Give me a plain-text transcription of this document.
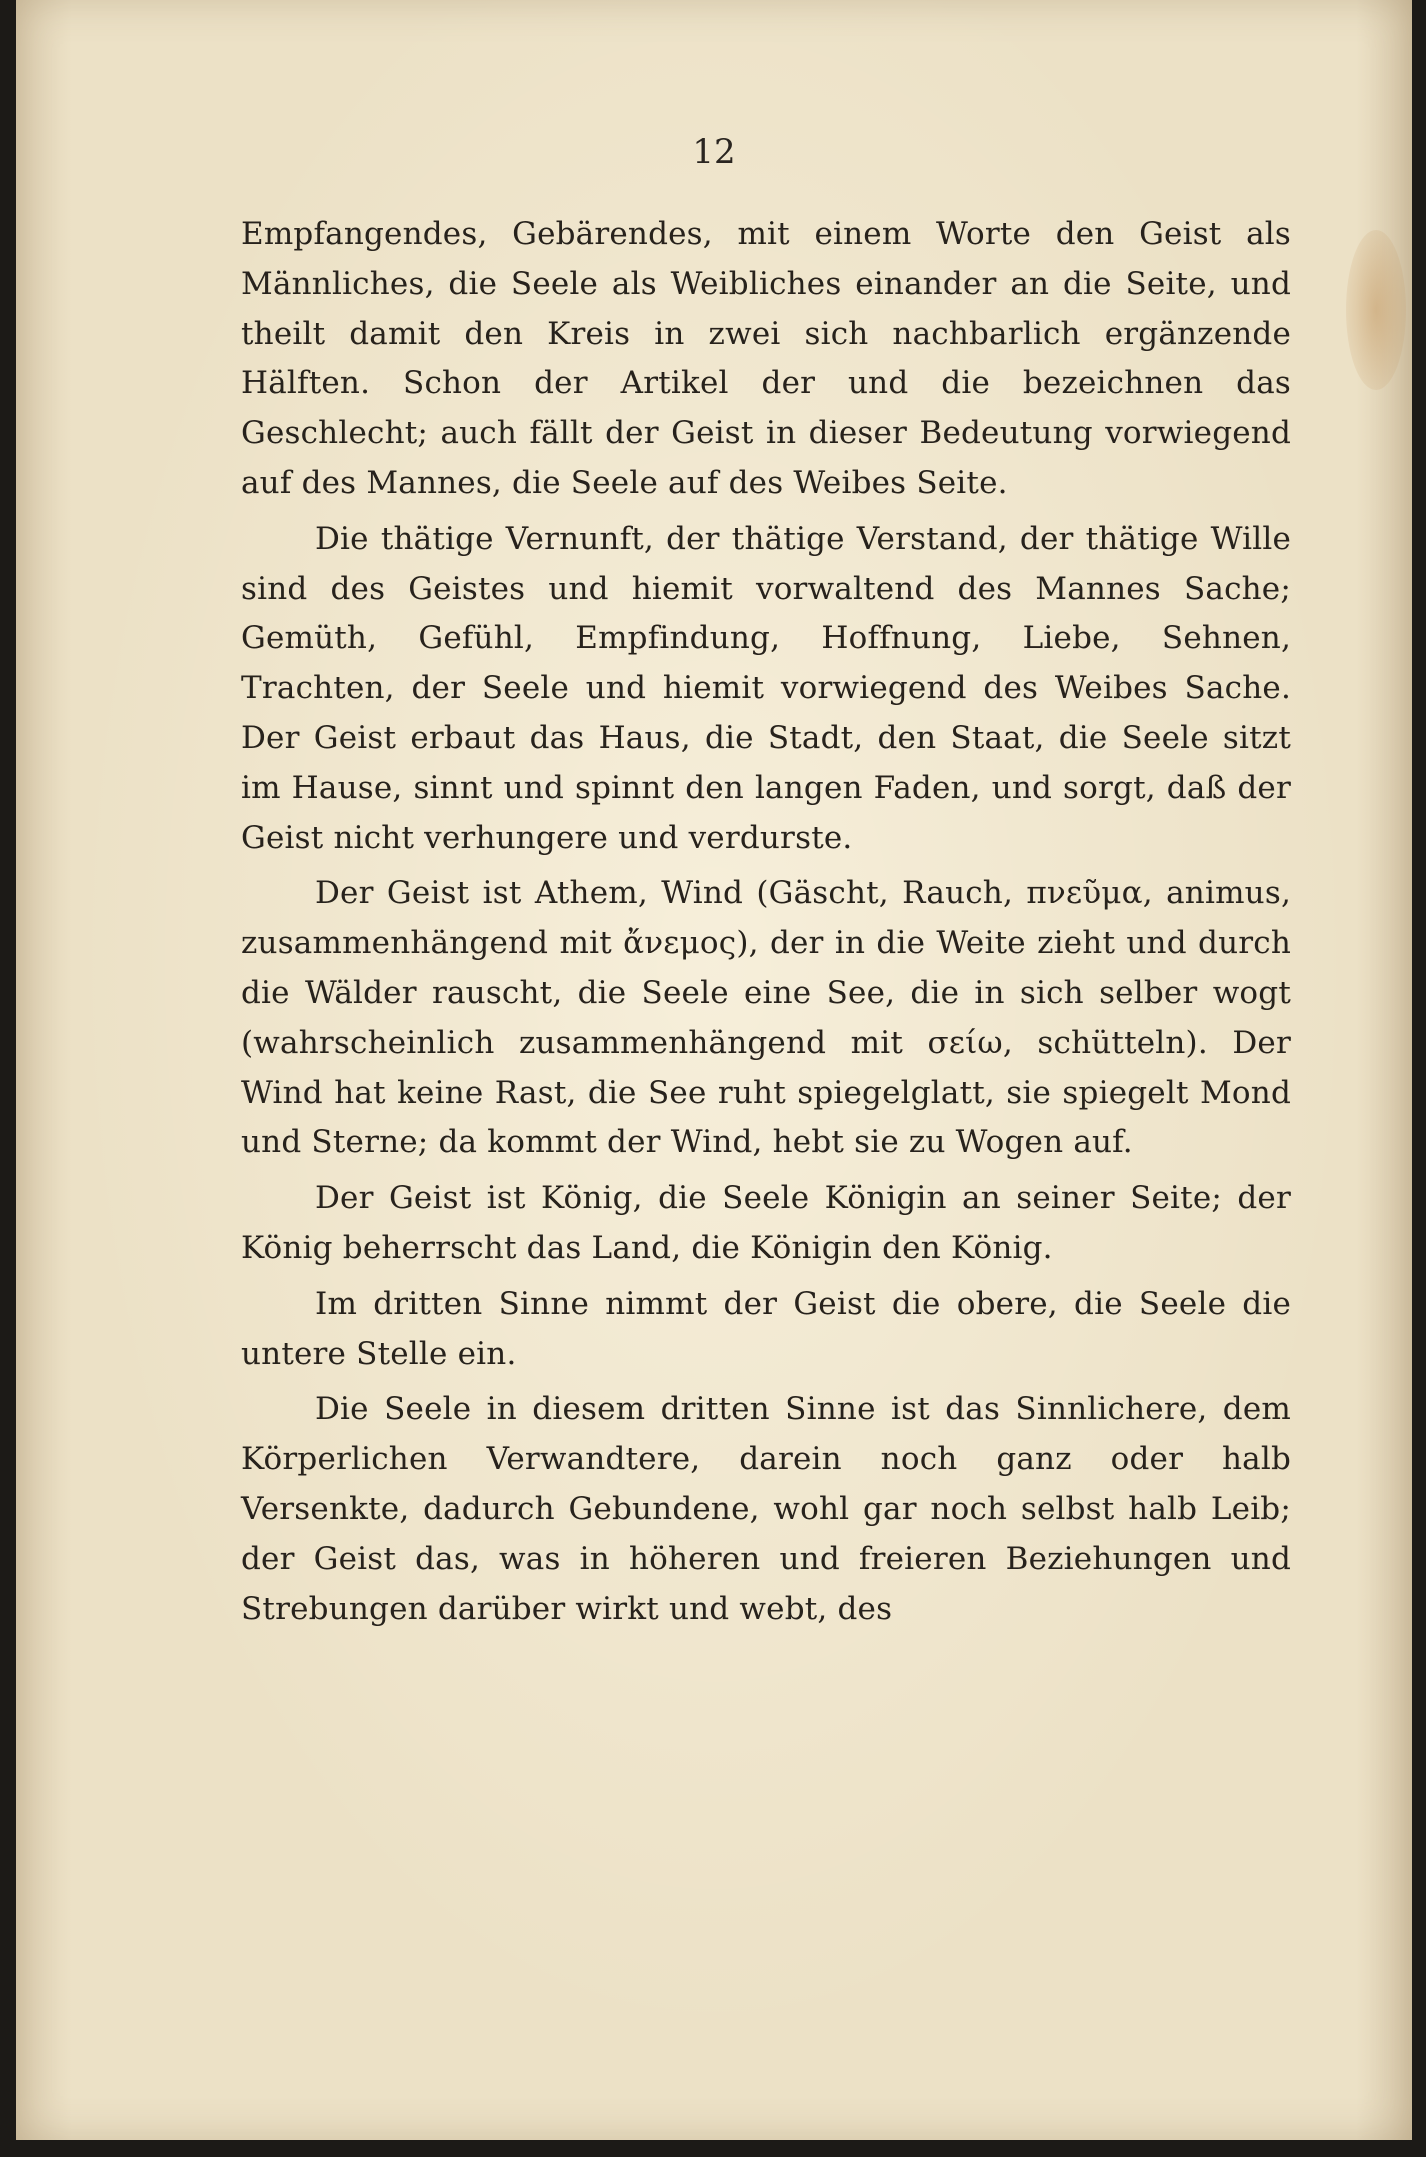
12

Empfangendes, Gebärendes, mit einem Worte den Geist als Männliches, die Seele als Weibliches einander an die Seite, und theilt damit den Kreis in zwei sich nachbarlich ergänzende Hälften. Schon der Artikel der und die bezeichnen das Geschlecht; auch fällt der Geist in dieser Bedeutung vorwiegend auf des Mannes, die Seele auf des Weibes Seite.

Die thätige Vernunft, der thätige Verstand, der thätige Wille sind des Geistes und hiemit vorwaltend des Mannes Sache; Gemüth, Gefühl, Empfindung, Hoffnung, Liebe, Sehnen, Trachten, der Seele und hiemit vorwiegend des Weibes Sache. Der Geist erbaut das Haus, die Stadt, den Staat, die Seele sitzt im Hause, sinnt und spinnt den langen Faden, und sorgt, daß der Geist nicht verhungere und verdurste.

Der Geist ist Athem, Wind (Gäscht, Rauch, πνεῦμα, animus, zusammenhängend mit ἄνεμος), der in die Weite zieht und durch die Wälder rauscht, die Seele eine See, die in sich selber wogt (wahrscheinlich zusammenhängend mit σείω, schütteln). Der Wind hat keine Rast, die See ruht spiegelglatt, sie spiegelt Mond und Sterne; da kommt der Wind, hebt sie zu Wogen auf.

Der Geist ist König, die Seele Königin an seiner Seite; der König beherrscht das Land, die Königin den König.

Im dritten Sinne nimmt der Geist die obere, die Seele die untere Stelle ein.

Die Seele in diesem dritten Sinne ist das Sinnlichere, dem Körperlichen Verwandtere, darein noch ganz oder halb Versenkte, dadurch Gebundene, wohl gar noch selbst halb Leib; der Geist das, was in höheren und freieren Beziehungen und Strebungen darüber wirkt und webt, des
